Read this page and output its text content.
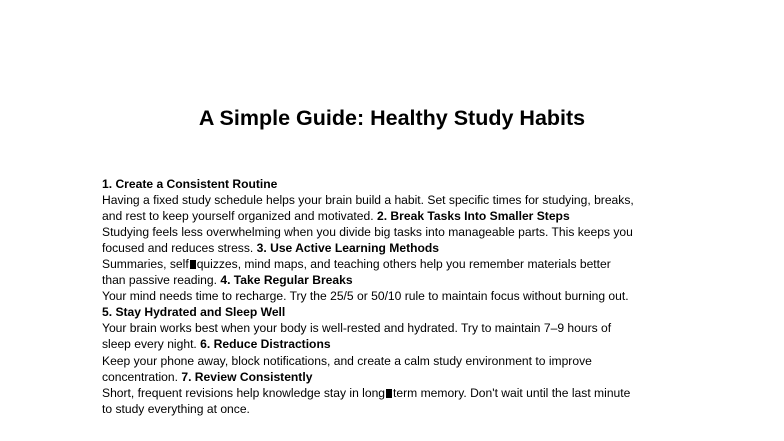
A Simple Guide: Healthy Study Habits
1. Create a Consistent Routine
Having a fixed study schedule helps your brain build a habit. Set specific times for studying, breaks,
and rest to keep yourself organized and motivated. 2. Break Tasks Into Smaller Steps
Studying feels less overwhelming when you divide big tasks into manageable parts. This keeps you
focused and reduces stress. 3. Use Active Learning Methods
Summaries, self quizzes, mind maps, and teaching others help you remember materials better
than passive reading. 4. Take Regular Breaks
Your mind needs time to recharge. Try the 25/5 or 50/10 rule to maintain focus without burning out.
5. Stay Hydrated and Sleep Well
Your brain works best when your body is well-rested and hydrated. Try to maintain 7–9 hours of
sleep every night. 6. Reduce Distractions
Keep your phone away, block notifications, and create a calm study environment to improve
concentration. 7. Review Consistently
Short, frequent revisions help knowledge stay in long term memory. Don't wait until the last minute
to study everything at once.
